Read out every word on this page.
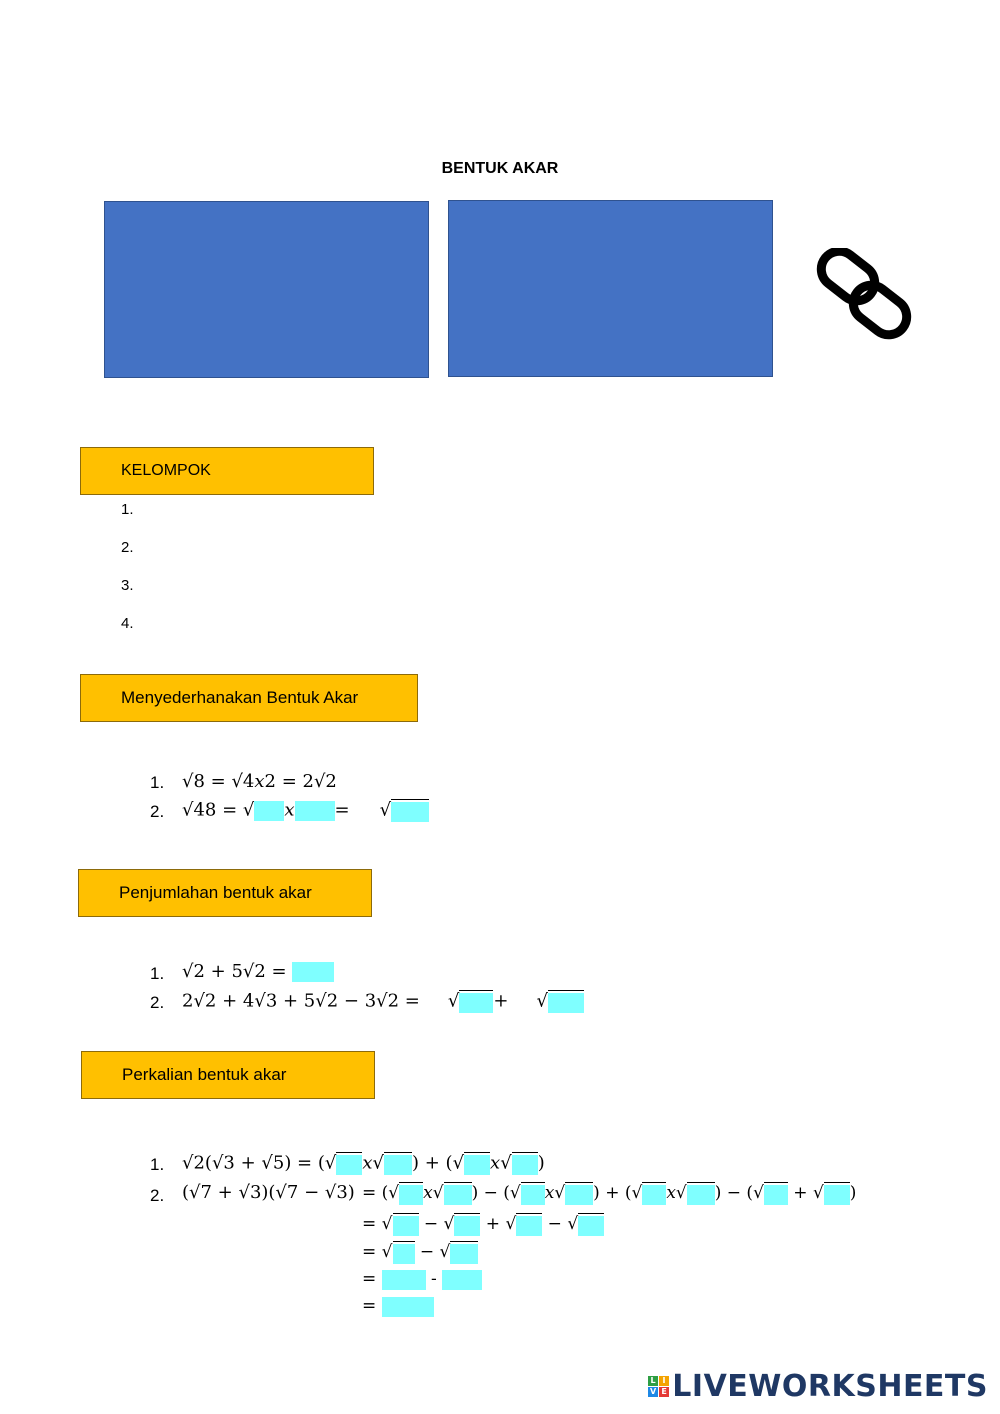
BENTUK AKAR
KELOMPOK
1.
2.
3.
4.
Menyederhanakan Bentuk Akar
1. √8 = √4𝑥2 = 2√2
2. √48 = √ 𝑥 = √
Penjumlahan bentuk akar
1. √2 + 5√2 =
2. 2√2 + 4√3 + 5√2 − 3√2 = √ + √
Perkalian bentuk akar
1. √2(√3 + √5) = (√ 𝑥√ ) + (√ 𝑥√ )
2. (√7 + √3)(√7 − √3) = (√ 𝑥√ ) − (√ 𝑥√ ) + (√ 𝑥√ ) − (√ + √ )
= √ − √ + √ − √
= √ − √
=	-
=
L I
V E LIVEWORKSHEETS
